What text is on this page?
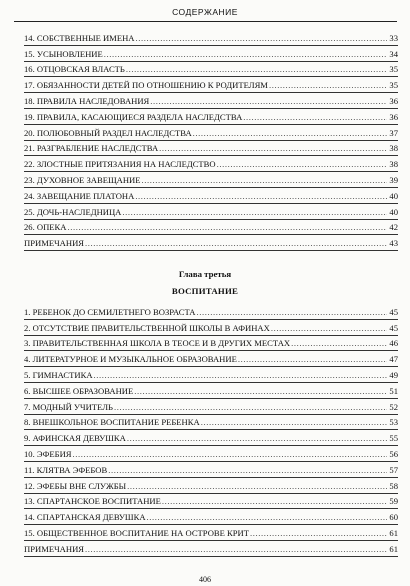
СОДЕРЖАНИЕ
14. СОБСТВЕННЫЕ ИМЕНА .....	33
15. УСЫНОВЛЕНИЕ .....	34
16. ОТЦОВСКАЯ ВЛАСТЬ .....	35
17. ОБЯЗАННОСТИ ДЕТЕЙ ПО ОТНОШЕНИЮ К РОДИТЕЛЯМ .....	35
18. ПРАВИЛА НАСЛЕДОВАНИЯ .....	36
19. ПРАВИЛА, КАСАЮЩИЕСЯ РАЗДЕЛА НАСЛЕДСТВА .....	36
20. ПОЛЮБОВНЫЙ РАЗДЕЛ НАСЛЕДСТВА .....	37
21. РАЗГРАБЛЕНИЕ НАСЛЕДСТВА .....	38
22. ЗЛОСТНЫЕ ПРИТЯЗАНИЯ НА НАСЛЕДСТВО .....	38
23. ДУХОВНОЕ ЗАВЕЩАНИЕ .....	39
24. ЗАВЕЩАНИЕ ПЛАТОНА .....	40
25. ДОЧЬ-НАСЛЕДНИЦА .....	40
26. ОПЕКА .....	42
ПРИМЕЧАНИЯ .....	43
Глава третья
ВОСПИТАНИЕ
1. РЕБЕНОК ДО СЕМИЛЕТНЕГО ВОЗРАСТА .....	45
2. ОТСУТСТВИЕ ПРАВИТЕЛЬСТВЕННОЙ ШКОЛЫ В АФИНАХ .....	45
3. ПРАВИТЕЛЬСТВЕННАЯ ШКОЛА В ТЕОСЕ И В ДРУГИХ МЕСТАХ .....	46
4. ЛИТЕРАТУРНОЕ И МУЗЫКАЛЬНОЕ ОБРАЗОВАНИЕ .....	47
5. ГИМНАСТИКА .....	49
6. ВЫСШЕЕ ОБРАЗОВАНИЕ .....	51
7. МОДНЫЙ УЧИТЕЛЬ .....	52
8. ВНЕШКОЛЬНОЕ ВОСПИТАНИЕ РЕБЕНКА .....	53
9. АФИНСКАЯ ДЕВУШКА .....	55
10. ЭФЕБИЯ .....	56
11. КЛЯТВА ЭФЕБОВ .....	57
12. ЭФЕБЫ ВНЕ СЛУЖБЫ .....	58
13. СПАРТАНСКОЕ ВОСПИТАНИЕ .....	59
14. СПАРТАНСКАЯ ДЕВУШКА .....	60
15. ОБЩЕСТВЕННОЕ ВОСПИТАНИЕ НА ОСТРОВЕ КРИТ .....	61
ПРИМЕЧАНИЯ .....	61
406
